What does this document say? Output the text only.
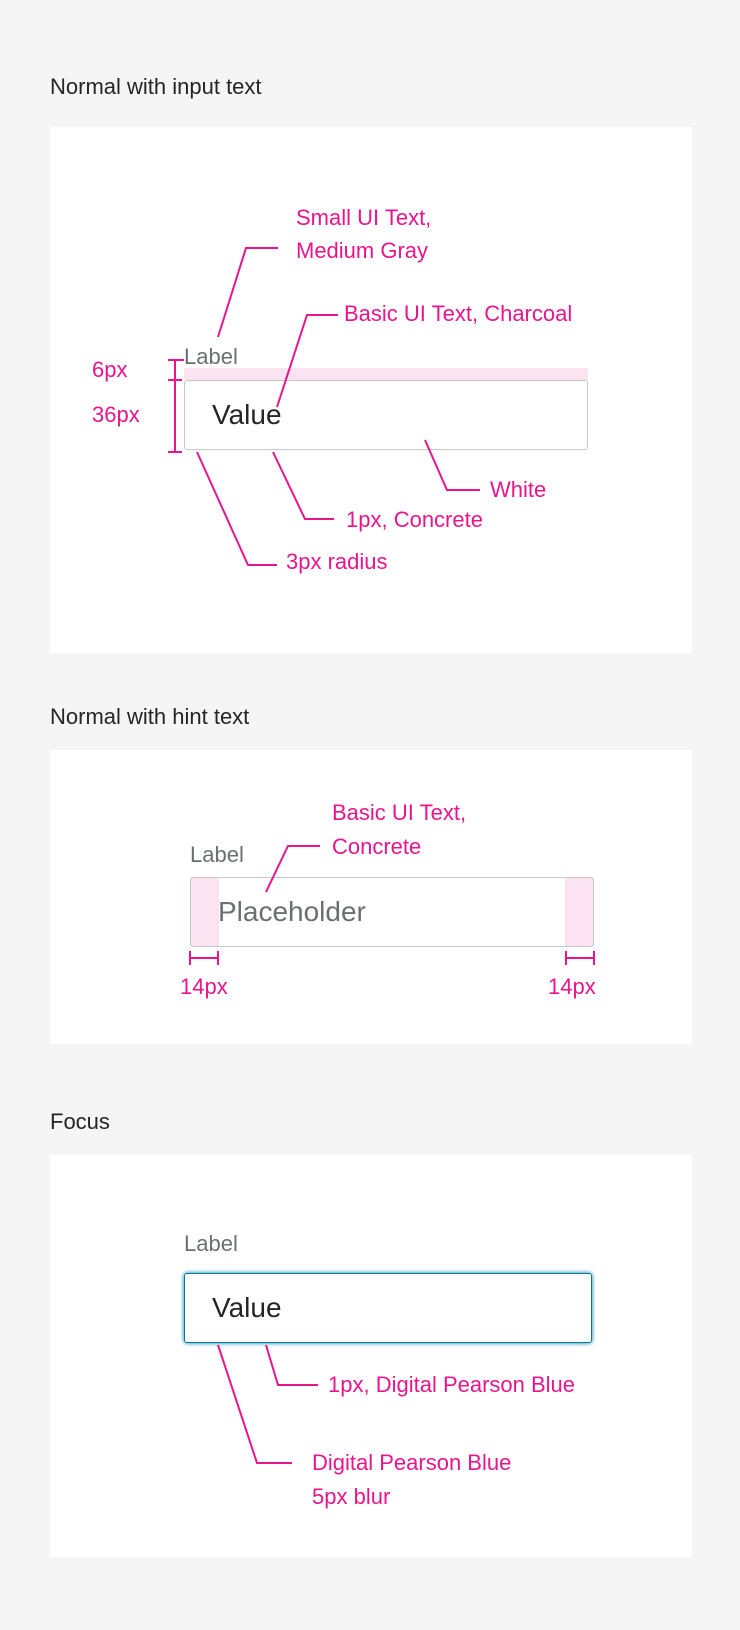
Normal with input text
Label
Value
Small UI Text,
Medium Gray
Basic UI Text, Charcoal
6px
36px
White
1px, Concrete
3px radius
Normal with hint text
Label
Placeholder
Basic UI Text,
Concrete
14px	14px
Focus
Label
Value
1px, Digital Pearson Blue
Digital Pearson Blue
5px blur
